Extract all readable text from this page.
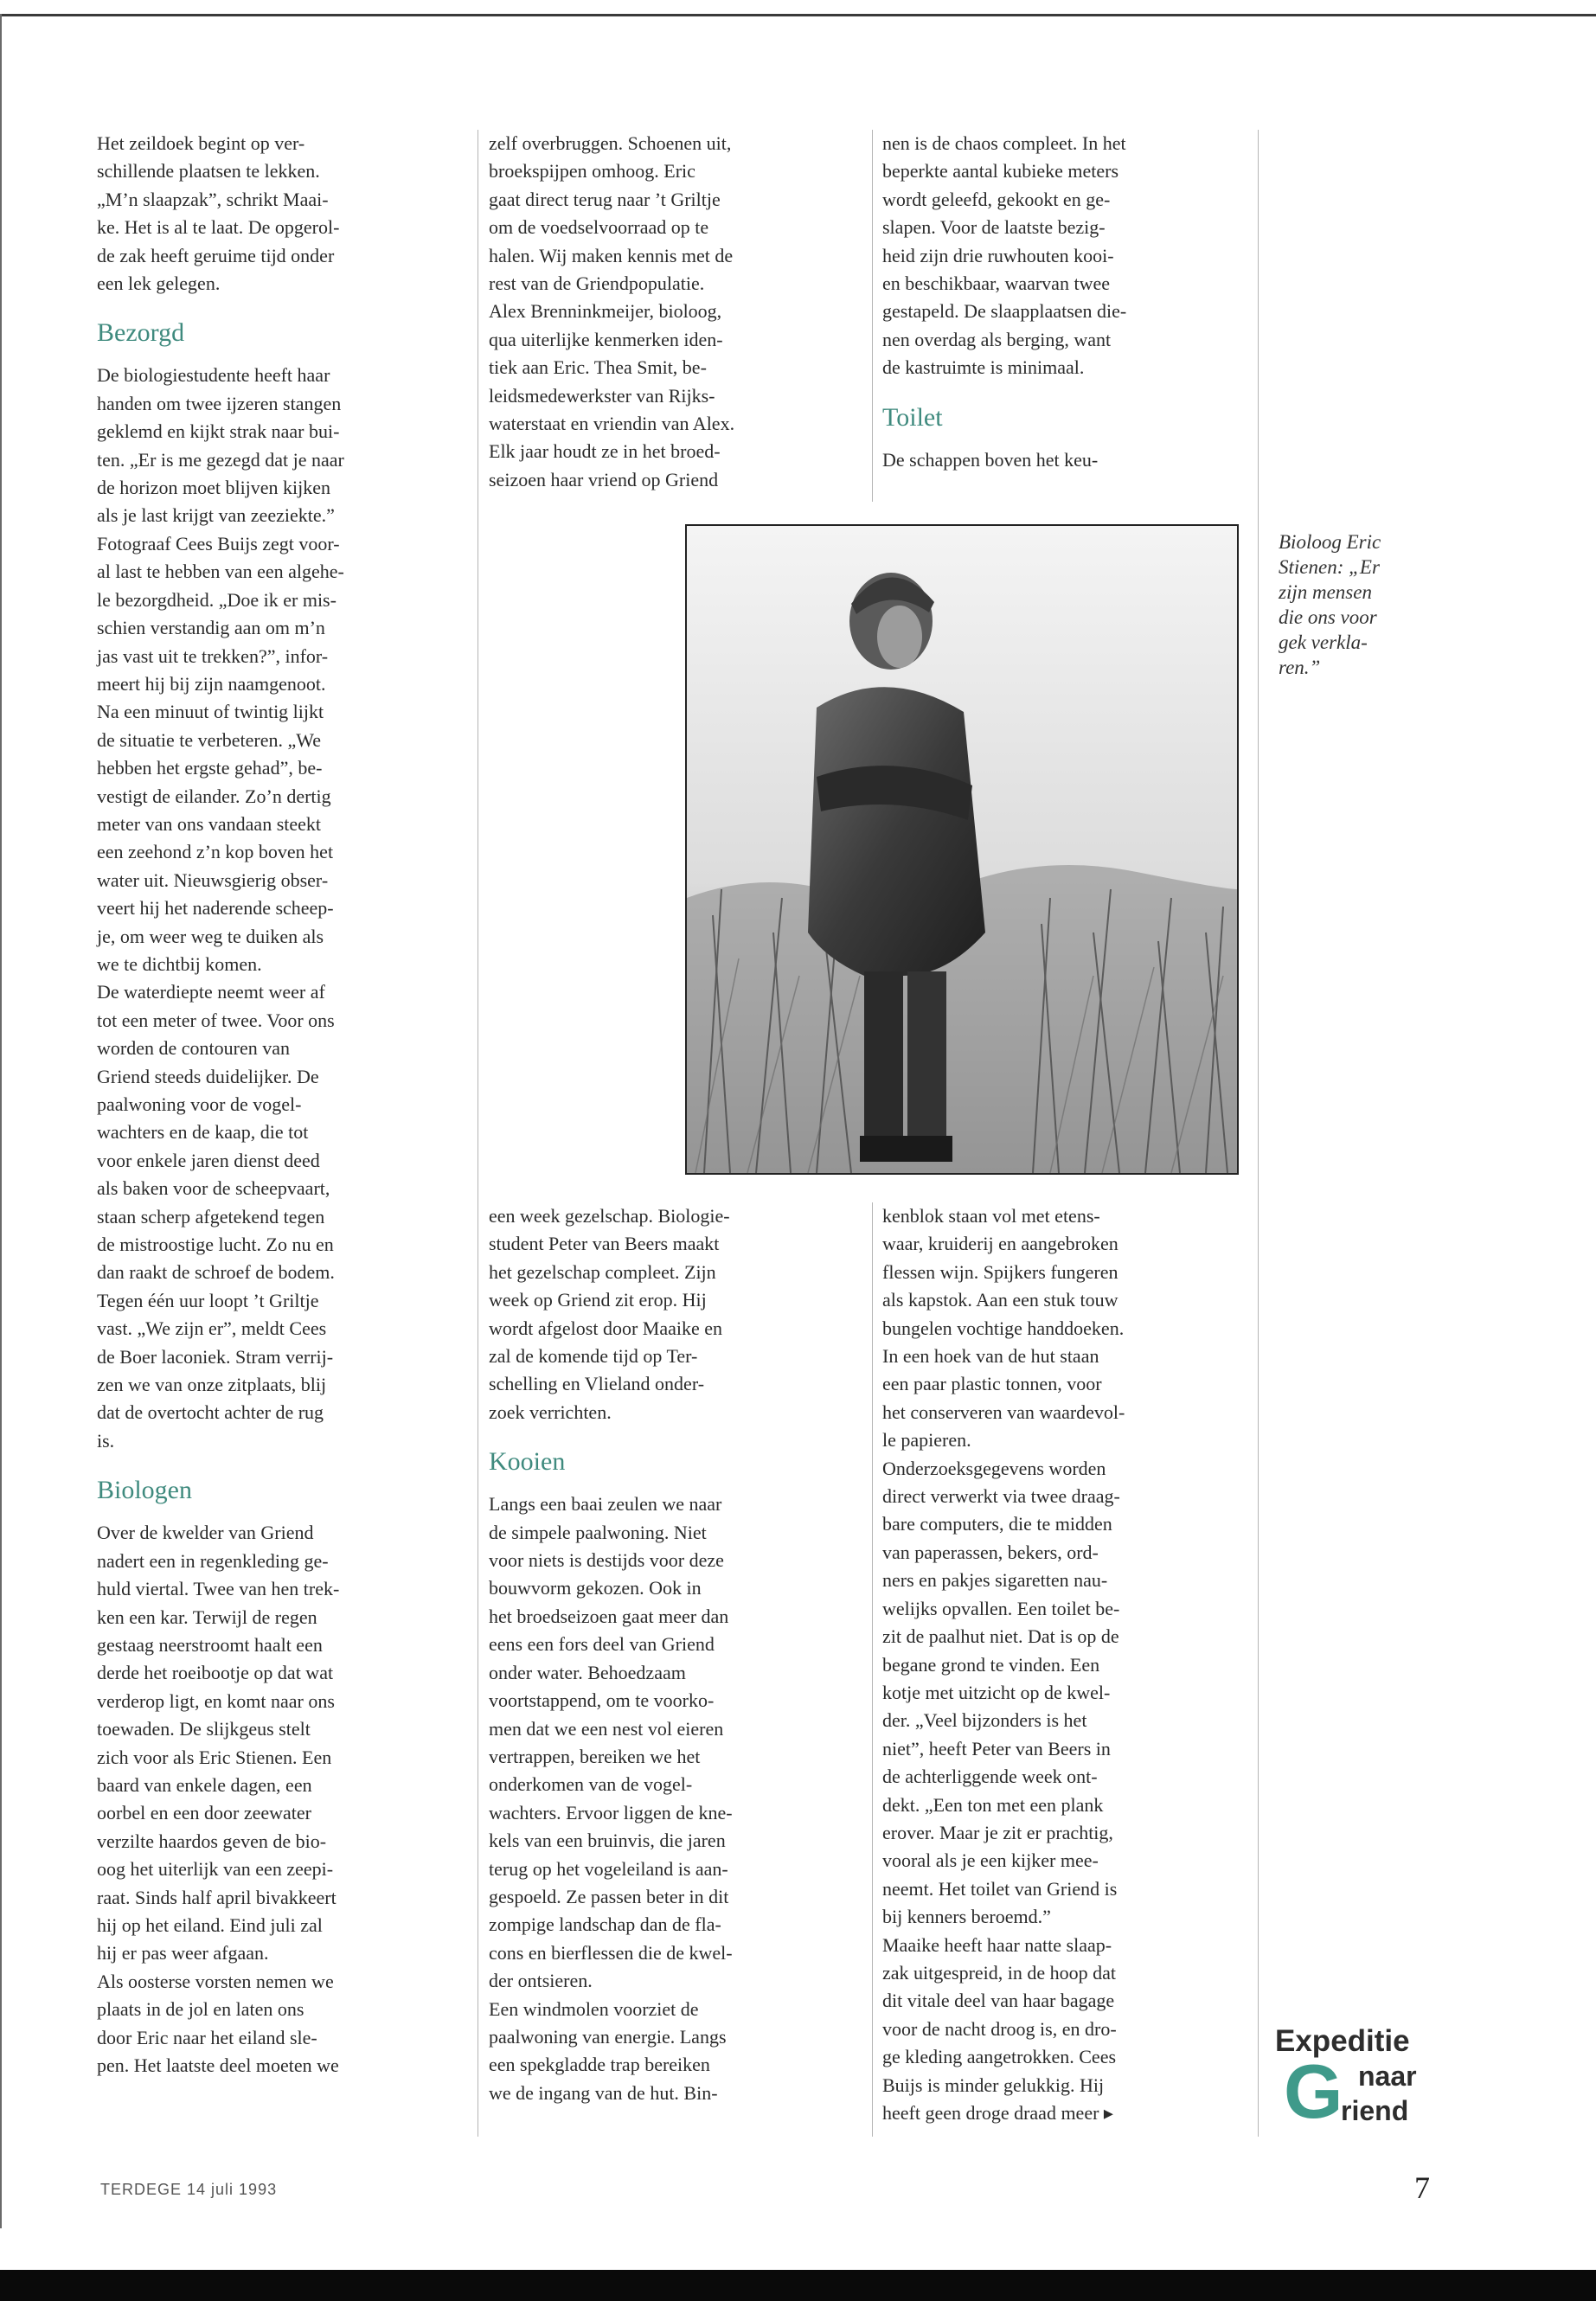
Het zeildoek begint op ver-
schillende plaatsen te lekken.
„M’n slaapzak”, schrikt Maai-
ke. Het is al te laat. De opgerol-
de zak heeft geruime tijd onder
een lek gelegen.

Bezorgd

De biologiestudente heeft haar
handen om twee ijzeren stangen
geklemd en kijkt strak naar bui-
ten. „Er is me gezegd dat je naar
de horizon moet blijven kijken
als je last krijgt van zeeziekte.”
Fotograaf Cees Buijs zegt voor-
al last te hebben van een algehe-
le bezorgdheid. „Doe ik er mis-
schien verstandig aan om m’n
jas vast uit te trekken?”, infor-
meert hij bij zijn naamgenoot.
Na een minuut of twintig lijkt
de situatie te verbeteren. „We
hebben het ergste gehad”, be-
vestigt de eilander. Zo’n dertig
meter van ons vandaan steekt
een zeehond z’n kop boven het
water uit. Nieuwsgierig obser-
veert hij het naderende scheep-
je, om weer weg te duiken als
we te dichtbij komen.
De waterdiepte neemt weer af
tot een meter of twee. Voor ons
worden de contouren van
Griend steeds duidelijker. De
paalwoning voor de vogel-
wachters en de kaap, die tot
voor enkele jaren dienst deed
als baken voor de scheepvaart,
staan scherp afgetekend tegen
de mistroostige lucht. Zo nu en
dan raakt de schroef de bodem.
Tegen één uur loopt ’t Griltje
vast. „We zijn er”, meldt Cees
de Boer laconiek. Stram verrij-
zen we van onze zitplaats, blij
dat de overtocht achter de rug
is.

Biologen

Over de kwelder van Griend
nadert een in regenkleding ge-
huld viertal. Twee van hen trek-
ken een kar. Terwijl de regen
gestaag neerstroomt haalt een
derde het roeibootje op dat wat
verderop ligt, en komt naar ons
toewaden. De slijkgeus stelt
zich voor als Eric Stienen. Een
baard van enkele dagen, een
oorbel en een door zeewater
verzilte haardos geven de bio-
oog het uiterlijk van een zeepi-
raat. Sinds half april bivakkeert
hij op het eiland. Eind juli zal
hij er pas weer afgaan.
Als oosterse vorsten nemen we
plaats in de jol en laten ons
door Eric naar het eiland sle-
pen. Het laatste deel moeten we

zelf overbruggen. Schoenen uit,
broekspijpen omhoog. Eric
gaat direct terug naar ’t Griltje
om de voedselvoorraad op te
halen. Wij maken kennis met de
rest van de Griendpopulatie.
Alex Brenninkmeijer, bioloog,
qua uiterlijke kenmerken iden-
tiek aan Eric. Thea Smit, be-
leidsmedewerkster van Rijks-
waterstaat en vriendin van Alex.
Elk jaar houdt ze in het broed-
seizoen haar vriend op Griend

een week gezelschap. Biologie-
student Peter van Beers maakt
het gezelschap compleet. Zijn
week op Griend zit erop. Hij
wordt afgelost door Maaike en
zal de komende tijd op Ter-
schelling en Vlieland onder-
zoek verrichten.

Kooien

Langs een baai zeulen we naar
de simpele paalwoning. Niet
voor niets is destijds voor deze
bouwvorm gekozen. Ook in
het broedseizoen gaat meer dan
eens een fors deel van Griend
onder water. Behoedzaam
voortstappend, om te voorko-
men dat we een nest vol eieren
vertrappen, bereiken we het
onderkomen van de vogel-
wachters. Ervoor liggen de kne-
kels van een bruinvis, die jaren
terug op het vogeleiland is aan-
gespoeld. Ze passen beter in dit
zompige landschap dan de fla-
cons en bierflessen die de kwel-
der ontsieren.
Een windmolen voorziet de
paalwoning van energie. Langs
een spekgladde trap bereiken
we de ingang van de hut. Bin-

nen is de chaos compleet. In het
beperkte aantal kubieke meters
wordt geleefd, gekookt en ge-
slapen. Voor de laatste bezig-
heid zijn drie ruwhouten kooi-
en beschikbaar, waarvan twee
gestapeld. De slaapplaatsen die-
nen overdag als berging, want
de kastruimte is minimaal.

Toilet

De schappen boven het keu-

kenblok staan vol met etens-
waar, kruiderij en aangebroken
flessen wijn. Spijkers fungeren
als kapstok. Aan een stuk touw
bungelen vochtige handdoeken.
In een hoek van de hut staan
een paar plastic tonnen, voor
het conserveren van waardevol-
le papieren.
Onderzoeksgegevens worden
direct verwerkt via twee draag-
bare computers, die te midden
van paperassen, bekers, ord-
ners en pakjes sigaretten nau-
welijks opvallen. Een toilet be-
zit de paalhut niet. Dat is op de
begane grond te vinden. Een
kotje met uitzicht op de kwel-
der. „Veel bijzonders is het
niet”, heeft Peter van Beers in
de achterliggende week ont-
dekt. „Een ton met een plank
erover. Maar je zit er prachtig,
vooral als je een kijker mee-
neemt. Het toilet van Griend is
bij kenners beroemd.”
Maaike heeft haar natte slaap-
zak uitgespreid, in de hoop dat
dit vitale deel van haar bagage
voor de nacht droog is, en dro-
ge kleding aangetrokken. Cees
Buijs is minder gelukkig. Hij
heeft geen droge draad meer ▸

Bioloog Eric
Stienen: „Er
zijn mensen
die ons voor
gek verkla-
ren.”
Expeditie
G naar
riend
TERDEGE 14 juli 1993	7
